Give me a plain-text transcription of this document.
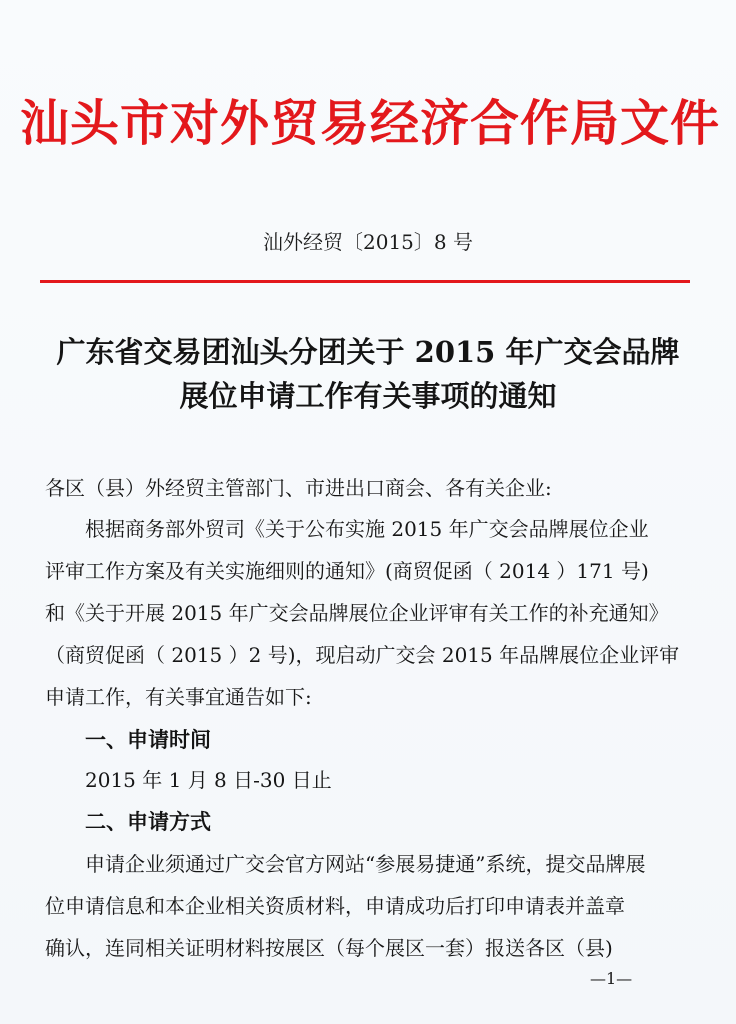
汕头市对外贸易经济合作局文件
汕外经贸〔2015〕8 号
广东省交易团汕头分团关于 2015 年广交会品牌
展位申请工作有关事项的通知
各区（县）外经贸主管部门、市进出口商会、各有关企业:
根据商务部外贸司《关于公布实施 2015 年广交会品牌展位企业
评审工作方案及有关实施细则的通知》(商贸促函（ 2014 ）171 号)
和《关于开展 2015 年广交会品牌展位企业评审有关工作的补充通知》
（商贸促函（ 2015 ）2 号)，现启动广交会 2015 年品牌展位企业评审
申请工作，有关事宜通告如下:
一、申请时间
2015 年 1 月 8 日-30 日止
二、申请方式
申请企业须通过广交会官方网站“参展易捷通”系统，提交品牌展
位申请信息和本企业相关资质材料，申请成功后打印申请表并盖章
确认，连同相关证明材料按展区（每个展区一套）报送各区（县)
—1—
